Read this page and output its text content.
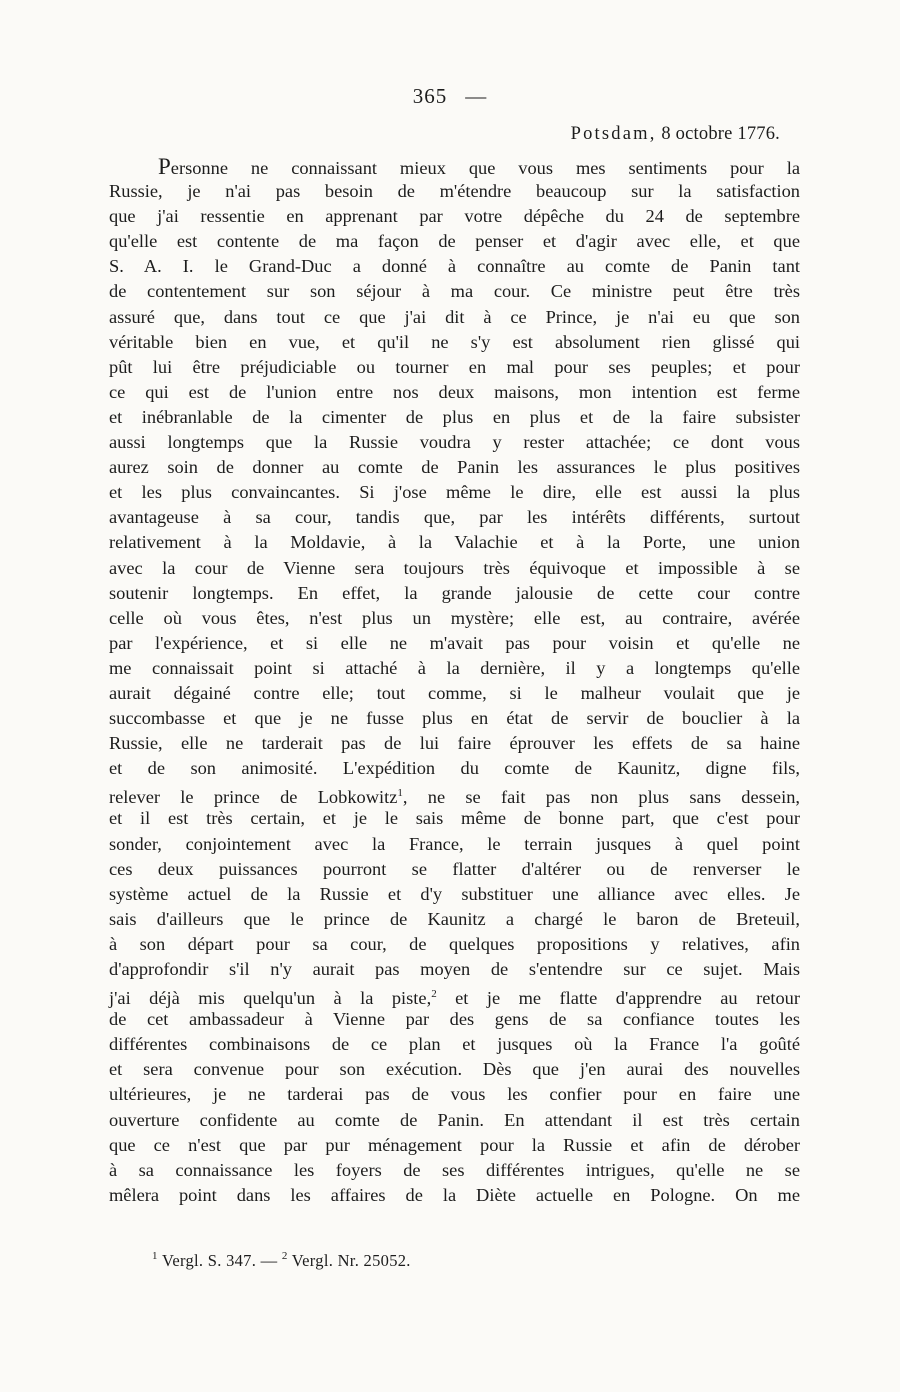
365 —
Potsdam, 8 octobre 1776.
Personne ne connaissant mieux que vous mes sentiments pour la
Russie, je n'ai pas besoin de m'étendre beaucoup sur la satisfaction
que j'ai ressentie en apprenant par votre dépêche du 24 de septembre
qu'elle est contente de ma façon de penser et d'agir avec elle, et que
S. A. I. le Grand-Duc a donné à connaître au comte de Panin tant
de contentement sur son séjour à ma cour. Ce ministre peut être très
assuré que, dans tout ce que j'ai dit à ce Prince, je n'ai eu que son
véritable bien en vue, et qu'il ne s'y est absolument rien glissé qui
pût lui être préjudiciable ou tourner en mal pour ses peuples; et pour
ce qui est de l'union entre nos deux maisons, mon intention est ferme
et inébranlable de la cimenter de plus en plus et de la faire subsister
aussi longtemps que la Russie voudra y rester attachée; ce dont vous
aurez soin de donner au comte de Panin les assurances le plus positives
et les plus convaincantes. Si j'ose même le dire, elle est aussi la plus
avantageuse à sa cour, tandis que, par les intérêts différents, surtout
relativement à la Moldavie, à la Valachie et à la Porte, une union
avec la cour de Vienne sera toujours très équivoque et impossible à se
soutenir longtemps. En effet, la grande jalousie de cette cour contre
celle où vous êtes, n'est plus un mystère; elle est, au contraire, avérée
par l'expérience, et si elle ne m'avait pas pour voisin et qu'elle ne
me connaissait point si attaché à la dernière, il y a longtemps qu'elle
aurait dégainé contre elle; tout comme, si le malheur voulait que je
succombasse et que je ne fusse plus en état de servir de bouclier à la
Russie, elle ne tarderait pas de lui faire éprouver les effets de sa haine
et de son animosité. L'expédition du comte de Kaunitz, digne fils,
relever le prince de Lobkowitz$^1$, ne se fait pas non plus sans dessein,
et il est très certain, et je le sais même de bonne part, que c'est pour
sonder, conjointement avec la France, le terrain jusques à quel point
ces deux puissances pourront se flatter d'altérer ou de renverser le
système actuel de la Russie et d'y substituer une alliance avec elles. Je
sais d'ailleurs que le prince de Kaunitz a chargé le baron de Breteuil,
à son départ pour sa cour, de quelques propositions y relatives, afin
d'approfondir s'il n'y aurait pas moyen de s'entendre sur ce sujet. Mais
j'ai déjà mis quelqu'un à la piste,$^2$ et je me flatte d'apprendre au retour
de cet ambassadeur à Vienne par des gens de sa confiance toutes les
différentes combinaisons de ce plan et jusques où la France l'a goûté
et sera convenue pour son exécution. Dès que j'en aurai des nouvelles
ultérieures, je ne tarderai pas de vous les confier pour en faire une
ouverture confidente au comte de Panin. En attendant il est très certain
que ce n'est que par pur ménagement pour la Russie et afin de dérober
à sa connaissance les foyers de ses différentes intrigues, qu'elle ne se
mêlera point dans les affaires de la Diète actuelle en Pologne. On me
$^1$ Vergl. S. 347. — $^2$ Vergl. Nr. 25052.
